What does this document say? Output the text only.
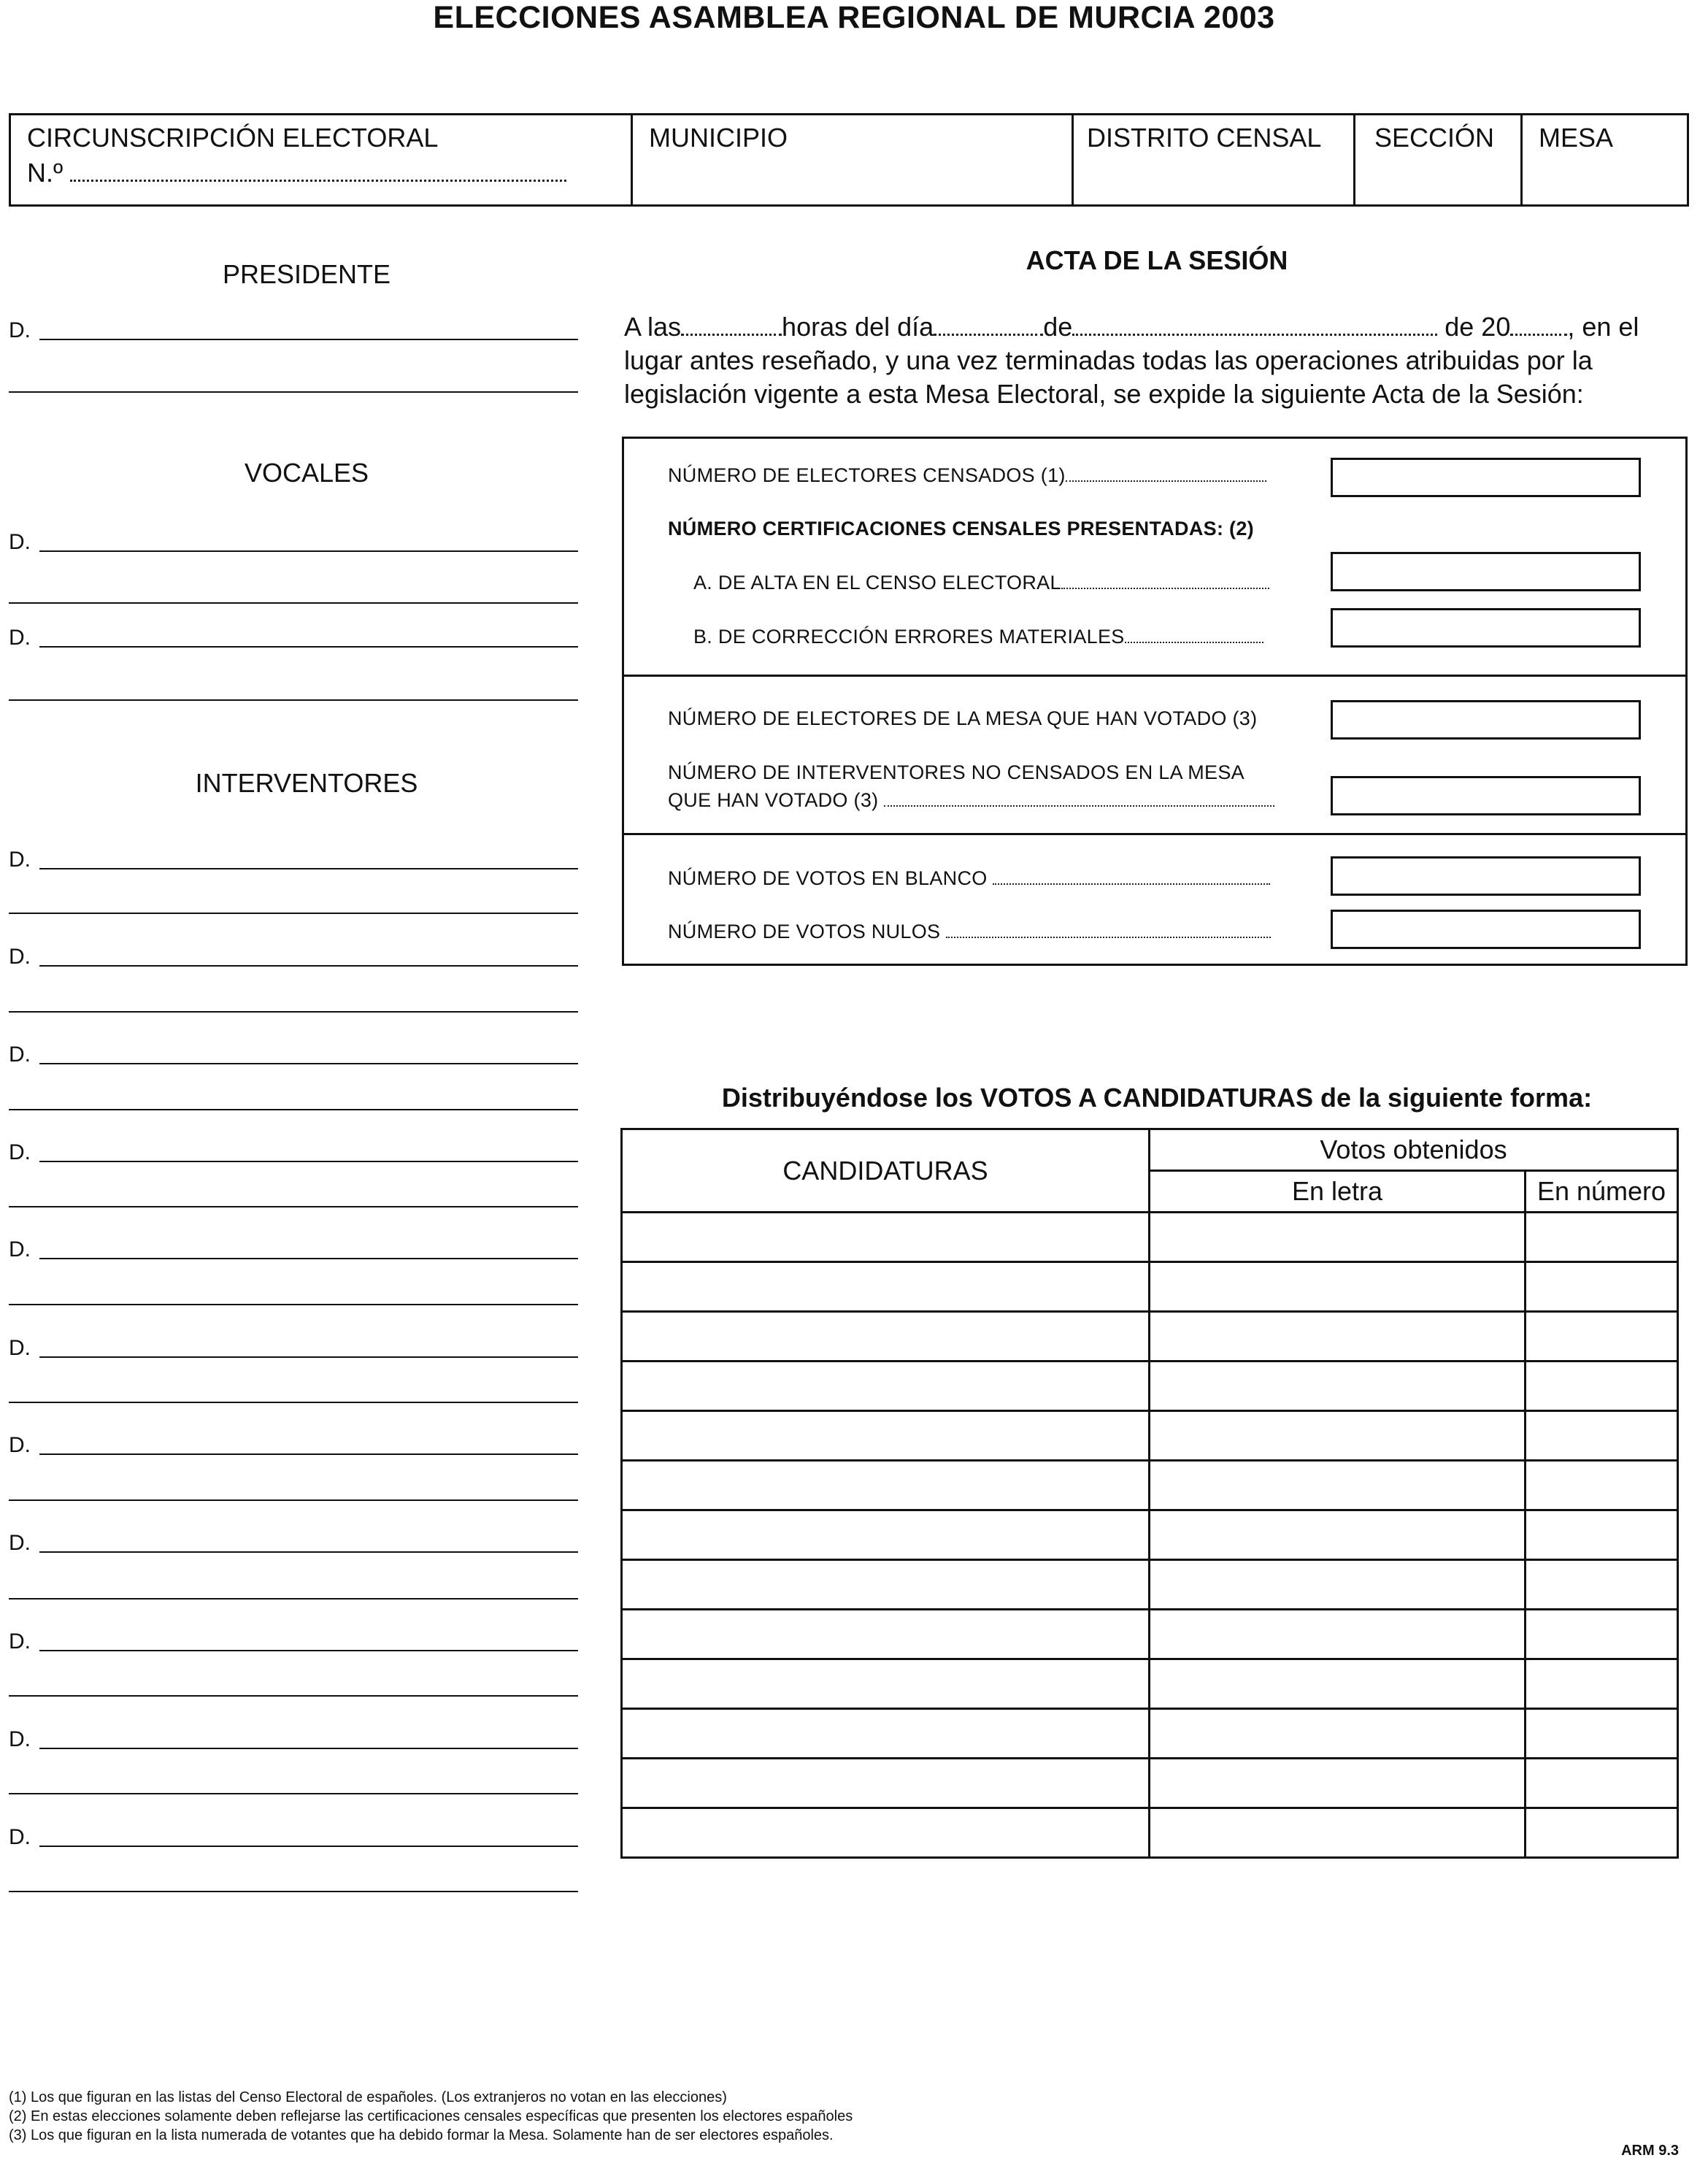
ELECCIONES ASAMBLEA REGIONAL DE MURCIA 2003
CIRCUNSCRIPCIÓN ELECTORAL
N.º
MUNICIPIO	DISTRITO CENSAL	SECCIÓN	MESA
PRESIDENTE
D.
VOCALES
D.
D.
INTERVENTORES
D.
D.
D.
D.
D.
D.
D.
D.
D.
D.
D.
ACTA DE LA SESIÓN
A las	horas del día	de	de 20 , en el
lugar antes reseñado, y una vez terminadas todas las operaciones atribuidas por la
legislación vigente a esta Mesa Electoral, se expide la siguiente Acta de la Sesión:
NÚMERO DE ELECTORES CENSADOS (1)
NÚMERO CERTIFICACIONES CENSALES PRESENTADAS: (2)
A. DE ALTA EN EL CENSO ELECTORAL
B. DE CORRECCIÓN ERRORES MATERIALES
NÚMERO DE ELECTORES DE LA MESA QUE HAN VOTADO (3)
NÚMERO DE INTERVENTORES NO CENSADOS EN LA MESA
QUE HAN VOTADO (3)
NÚMERO DE VOTOS EN BLANCO
NÚMERO DE VOTOS NULOS
Distribuyéndose los VOTOS A CANDIDATURAS de la siguiente forma:
CANDIDATURAS	Votos obtenidos	
	En letra	En número

(1) Los que figuran en las listas del Censo Electoral de españoles. (Los extranjeros no votan en las elecciones)
(2) En estas elecciones solamente deben reflejarse las certificaciones censales específicas que presenten los electores españoles
(3) Los que figuran en la lista numerada de votantes que ha debido formar la Mesa. Solamente han de ser electores españoles.
ARM 9.3
